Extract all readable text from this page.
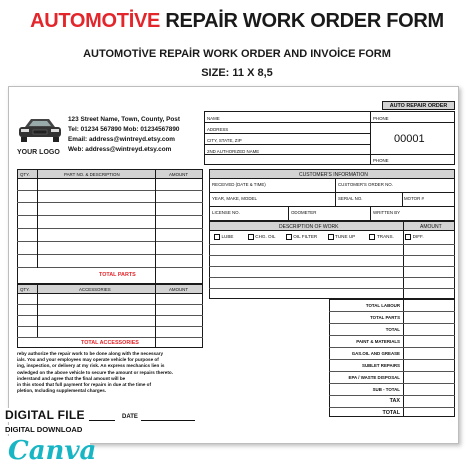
AUTOMOTİVE REPAİR WORK ORDER FORM
AUTOMOTİVE REPAİR WORK ORDER AND INVOİCE FORM
SIZE: 11 X 8,5
YOUR LOGO
123 Street Name, Town, County, Post
Tel: 01234 567890 Mob: 01234567890
Email: address@wintreyd.etsy.com
Web: address@wintreyd.etsy.com
AUTO REPAIR ORDER
NAME	PHONE
ADDRESS
CITY, STATE, ZIP
2ND AUTHORIZED NAME
PHONE
00001
QTY.	PART NO. & DESCRIPTION	AMOUNT
TOTAL PARTS
QTY.	ACCESSORIES	AMOUNT
TOTAL ACCESSORIES
reby authorize the repair work to be done along with the necessary
ials. You and your employees may operate vehicle for purpose of
ing, inspection, or delivery at my risk. An express mechanics lien is
owledged on the above vehicle to secure the amount or repairs thereto.
inderstand and agree that the final amount will be
in this stood that full payment for repairs in due at the time of
pletion, Including supplemental charges.
CUSTOMER'S INFORMATION
RECEIVED (DATE & TIME)	CUSTOMER'S ORDER NO.
YEAR, MAKE, MODEL	SERIAL NO.	MOTOR #
LICENSE NO.	ODOMETER	WRITTEN BY
DESCRIPTION OF WORK	AMOUNT
LUBE	CHG. OIL	OIL FILTER	TUNE UP	TRANS.	DIFF.
TOTAL LABOUR
TOTAL PARTS
TOTAL
PAINT & MATERIALS
GAS.OIL AND GREASE
SUBLET REPAIRS
EPA / WASTE DISPOSAL
SUB - TOTAL
TAX
TOTAL
DATE
DIGITAL FILE
DIGITAL DOWNLOAD
Canva
